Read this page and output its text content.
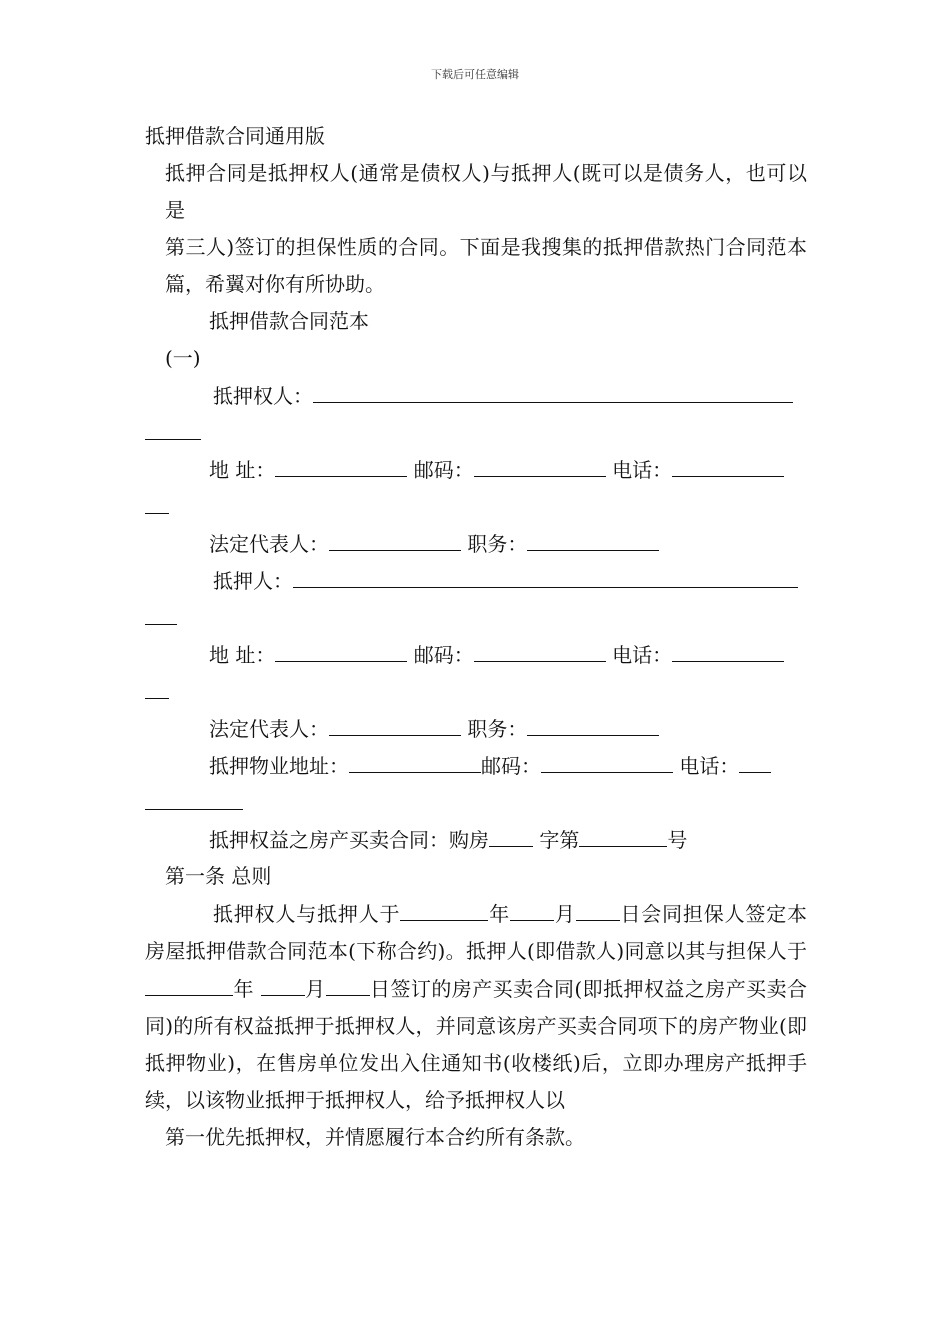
下载后可任意编辑
抵押借款合同通用版
抵押合同是抵押权人(通常是债权人)与抵押人(既可以是债务人，也可以是
第三人)签订的担保性质的合同。下面是我搜集的抵押借款热门合同范本篇，希翼对你有所协助。
抵押借款合同范本
(一)
抵押权人：
地 址：	邮码：	电话：
法定代表人：	职务：
抵押人：
地 址：	邮码：	电话：
法定代表人：	职务：
抵押物业地址：	邮码：	电话：
抵押权益之房产买卖合同：购房	字第	号
第一条 总则
抵押权人与抵押人于	年 月 日会同担保人签定本房屋抵押借款合同范本(下称合约)。抵押人(即借款人)同意以其与担保人于年	月 日签订的房产买卖合同(即抵押权益之房产买卖合同)的所有权益抵押于抵押权人，并同意该房产买卖合同项下的房产物业(即抵押物业)，在售房单位发出入住通知书(收楼纸)后，立即办理房产抵押手续，以该物业抵押于抵押权人，给予抵押权人以
第一优先抵押权，并情愿履行本合约所有条款。
